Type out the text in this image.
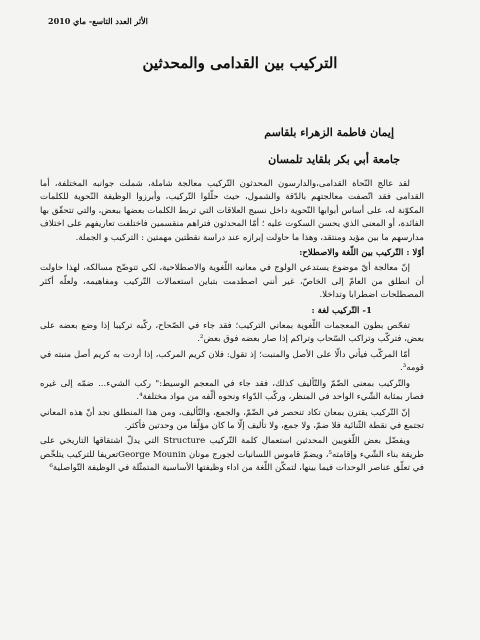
الأثر العدد التاسع- ماي 2010
التركيب بين القدامى والمحدثين
إيمان فاطمة الزهراء بلقاسم
جامعة أبي بكر بلقايد تلمسان

لقد عالج النّحاة القدامى،والدارسون المحدثون التّركيب معالجة شاملة، شملت جوانبه المختلفة، أما القدامى فقد اتّصفت معالجتهم بالدّقة والشمول، حيث حلّلوا التّركيب، وأبرزوا الوظيفة النّحوية للكلمات المكوّنة له، على أساس أبوابها النّحوية داخل نسيج العلاقات التي تربط الكلمات بعضها ببعض، والتي تتحقّق بها الفائدة، أو المعنى الذي يحسن السكوت عليه ؛ أمّا المحدثون فتراهم منقسمين فاختلفت تعاريفهم على اختلاف مدارسهم ما بين مؤيد ومنتقد، وهذا ما حاولت إبرازه عند دراسة نقطتين مهمتين : التركيب و الجملة.

أوّلا : التّركيب بين اللّغة والاصطلاح:

إنّ معالجة أيّ موضوع يستدعي الولوج في معانيه اللّغوية والاصطلاحية، لكي تتوضّح مسالكه، لهذا حاولت أن انطلق من العامّ إلى الخاصّ، غير أنني اصطدمت بتباين استعمالات التّركيب ومفاهيمه، ولعلّه أكثر المصطلحات اضطرابا وتداخلا.

1- التّركيب لغة :

تفحّص بطون المعجمات اللّغوية بمعاني التركيب؛ فقد جاء في الصّحاح، ركّبه تركيبا إذا وضع بعضه على بعض، فتركّب وتراكب السّحاب وتراكم إذا صار بعضه فوق بعض².

أمّا المركّب فيأتي دالّا على الأصل والمنبت؛ إذ تقول: فلان كريم المركب، إذا أردت به كريم أصل منبته في قومه³.

والتّركيب بمعنى الضّمّ والتّأليف كذلك، فقد جاء في المعجم الوسيط:" ركب الشيء... ضمّه إلى غيره فصار بمثابة الشّيء الواحد في المنظر، وركّب الدّواء ونحوه ألّفه من مواد مختلفة⁴.

إنّ التّركيب يقترن بمعان تكاد تنحصر في الضّمّ، والجمع، والتّأليف، ومن هذا المنطلق نجد أنّ هذه المعاني تجتمع في نقطة الثّنائية فلا ضمّ، ولا جمع، ولا تأليف إلّا ما كان مؤلّفا من وحدتين فأكثر.

ويفضّل بعض اللّغويين المحدثين استعمال كلمة التّركيب Structure التي يدلّ اشتقاقها التاريخي على طريقة بناء الشّيء وإقامته⁵، ويضمّ قاموس اللسانيات لجورج مونان George Mouninتعريفا للتركيب يتلخّص في تعلّق عناصر الوحدات فيما بينها، لتمكّن اللّغة من اداء وظيفتها الأساسية المتمثّلة في الوظيفة التّواصلية⁶
